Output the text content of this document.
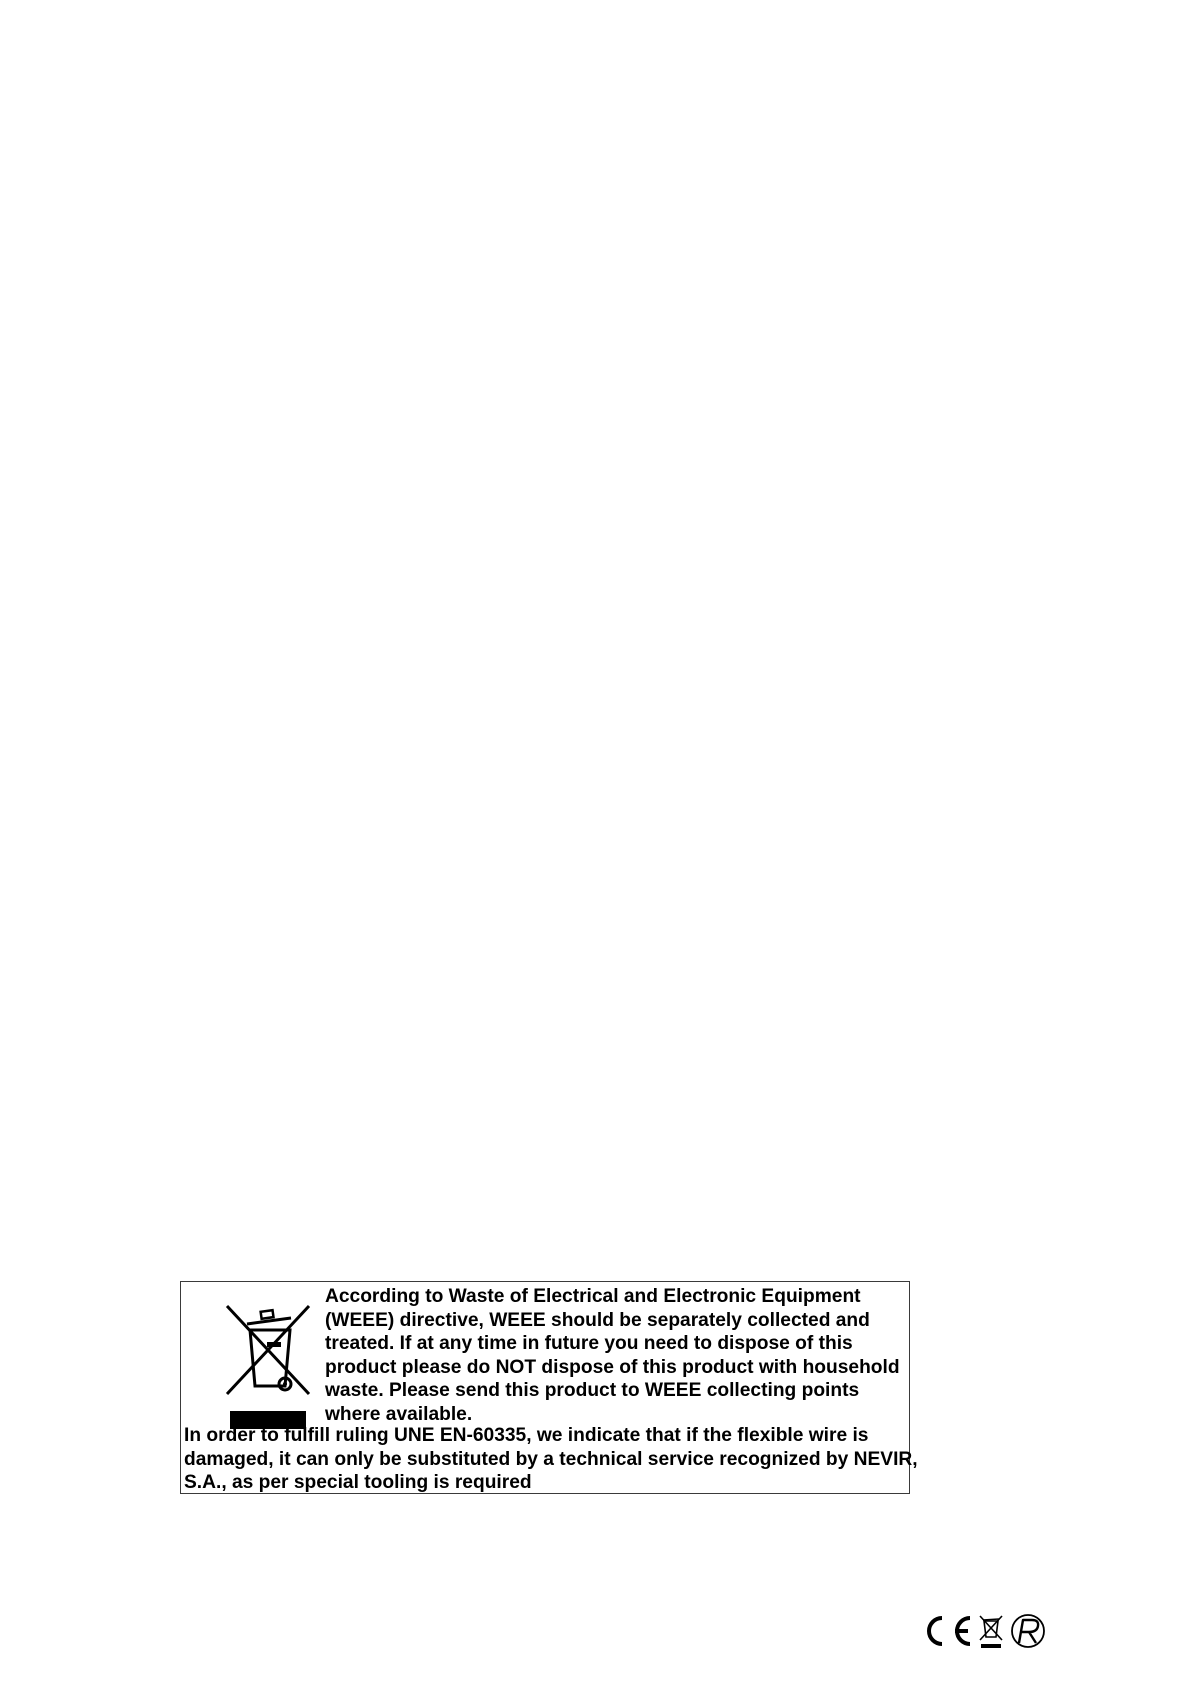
According to Waste of Electrical and Electronic Equipment
(WEEE) directive, WEEE should be separately collected and
treated. If at any time in future you need to dispose of this
product please do NOT dispose of this product with household
waste. Please send this product to WEEE collecting points
where available.
In order to fulfill ruling UNE EN-60335, we indicate that if the flexible wire is
damaged, it can only be substituted by a technical service recognized by NEVIR,
S.A., as per special tooling is required
